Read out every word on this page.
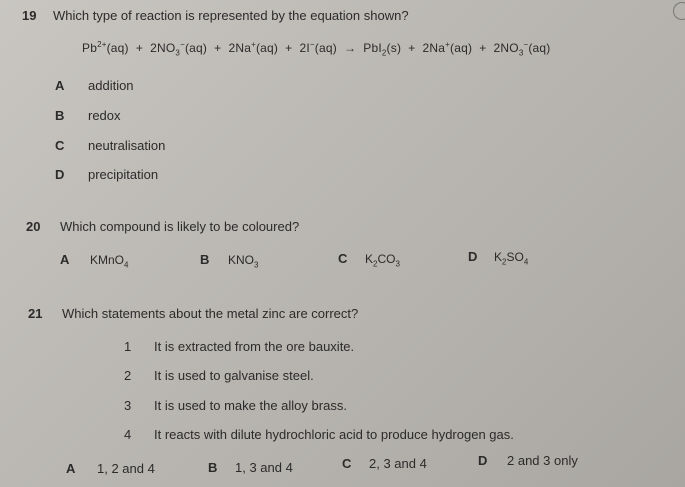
19 Which type of reaction is represented by the equation shown?
$Pb^{2+}(aq) + 2NO_3^-(aq) + 2Na^+(aq) + 2I^-(aq) \to PbI_2(s) + 2Na^+(aq) + 2NO_3^-(aq)$
A addition
B redox
C neutralisation
D precipitation
20 Which compound is likely to be coloured?
A KMnO$_4$	B $KNO_3$	C $K_2CO_3$	D $K_2SO_4$
21 Which statements about the metal zinc are correct?
1 It is extracted from the ore bauxite.
2 It is used to galvanise steel.
3 It is used to make the alloy brass.
4 It reacts with dilute hydrochloric acid to produce hydrogen gas.
A 1, 2 and 4	B 1, 3 and 4	C 2, 3 and 4	D 2 and 3 only
